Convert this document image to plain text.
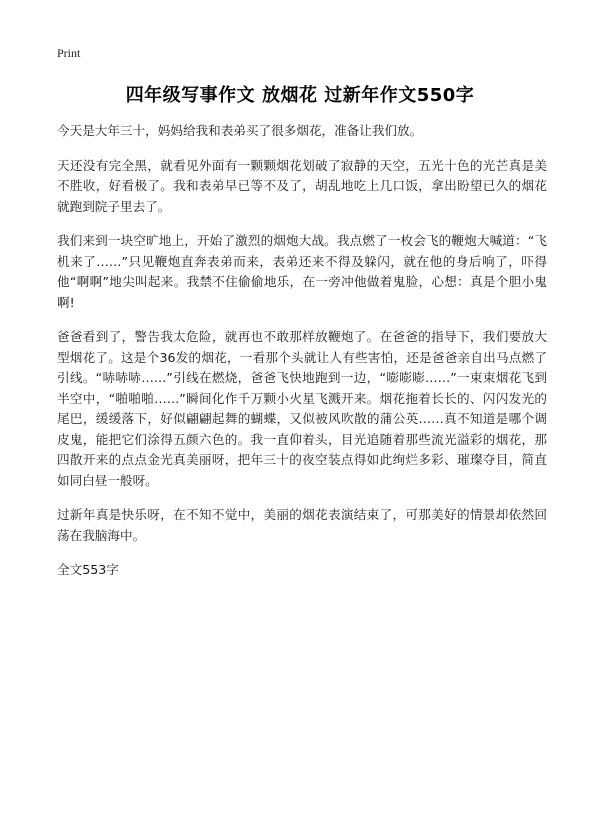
Print
四年级写事作文 放烟花 过新年作文550字

今天是大年三十，妈妈给我和表弟买了很多烟花，准备让我们放。

天还没有完全黑，就看见外面有一颗颗烟花划破了寂静的天空，五光十色的光芒真是美不胜收，好看极了。我和表弟早已等不及了，胡乱地吃上几口饭，拿出盼望已久的烟花就跑到院子里去了。

我们来到一块空旷地上，开始了激烈的烟炮大战。我点燃了一枚会飞的鞭炮大喊道：“飞机来了……”只见鞭炮直奔表弟而来，表弟还来不得及躲闪，就在他的身后响了，吓得他“啊啊”地尖叫起来。我禁不住偷偷地乐，在一旁冲他做着鬼脸，心想：真是个胆小鬼啊!

爸爸看到了，警告我太危险，就再也不敢那样放鞭炮了。在爸爸的指导下，我们要放大型烟花了。这是个36发的烟花，一看那个头就让人有些害怕，还是爸爸亲自出马点燃了引线。“哧哧哧……”引线在燃烧，爸爸飞快地跑到一边，“嘭嘭嘭……”一束束烟花飞到半空中，“啪啪啪……”瞬间化作千万颗小火星飞溅开来。烟花拖着长长的、闪闪发光的尾巴，缓缓落下，好似翩翩起舞的蝴蝶，又似被风吹散的蒲公英……真不知道是哪个调皮鬼，能把它们涂得五颜六色的。我一直仰着头，目光追随着那些流光溢彩的烟花，那四散开来的点点金光真美丽呀，把年三十的夜空装点得如此绚烂多彩、璀璨夺目，简直如同白昼一般呀。

过新年真是快乐呀，在不知不觉中，美丽的烟花表演结束了，可那美好的情景却依然回荡在我脑海中。

全文553字
